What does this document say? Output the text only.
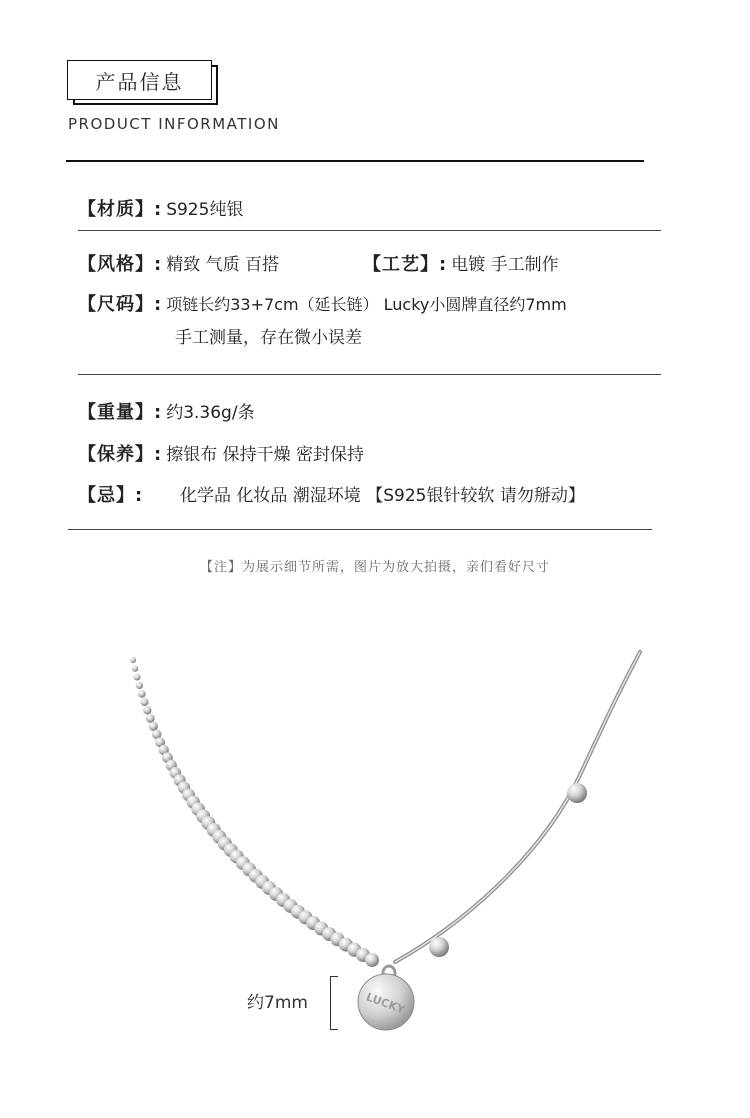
产品信息
PRODUCT INFORMATION
【材质】: S925纯银
【风格】: 精致 气质 百搭	【工艺】: 电镀 手工制作
【尺码】: 项链长约33+7cm（延长链） Lucky小圆牌直径约7mm
手工测量，存在微小误差
【重量】: 约3.36g/条
【保养】: 擦银布 保持干燥 密封保持
【忌】: 化学品 化妆品 潮湿环境 【S925银针较软 请勿掰动】
【注】为展示细节所需，图片为放大拍摄，亲们看好尺寸
LUCKY
约7mm
